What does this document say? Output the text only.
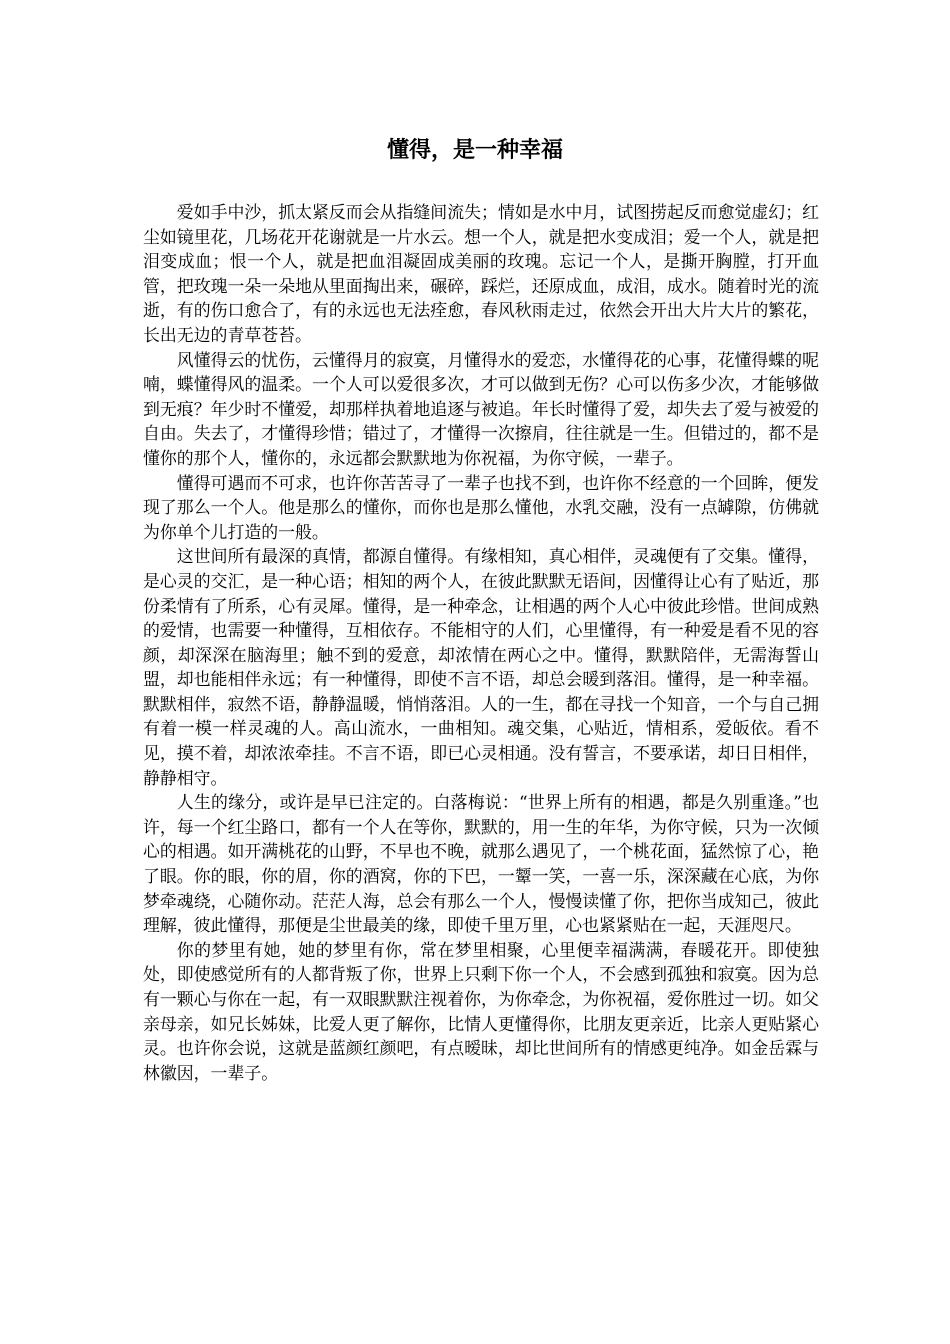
懂得，是一种幸福

爱如手中沙，抓太紧反而会从指缝间流失；情如是水中月，试图捞起反而愈觉虚幻；红尘如镜里花，几场花开花谢就是一片水云。想一个人，就是把水变成泪；爱一个人，就是把泪变成血；恨一个人，就是把血泪凝固成美丽的玫瑰。忘记一个人，是撕开胸膛，打开血管，把玫瑰一朵一朵地从里面掏出来，碾碎，踩烂，还原成血，成泪，成水。随着时光的流逝，有的伤口愈合了，有的永远也无法痊愈，春风秋雨走过，依然会开出大片大片的繁花，长出无边的青草苍苔。

风懂得云的忧伤，云懂得月的寂寞，月懂得水的爱恋，水懂得花的心事，花懂得蝶的呢喃，蝶懂得风的温柔。一个人可以爱很多次，才可以做到无伤？心可以伤多少次，才能够做到无痕？年少时不懂爱，却那样执着地追逐与被追。年长时懂得了爱，却失去了爱与被爱的自由。失去了，才懂得珍惜；错过了，才懂得一次擦肩，往往就是一生。但错过的，都不是懂你的那个人，懂你的，永远都会默默地为你祝福，为你守候，一辈子。

懂得可遇而不可求，也许你苦苦寻了一辈子也找不到，也许你不经意的一个回眸，便发现了那么一个人。他是那么的懂你，而你也是那么懂他，水乳交融，没有一点罅隙，仿佛就为你单个儿打造的一般。

这世间所有最深的真情，都源自懂得。有缘相知，真心相伴，灵魂便有了交集。懂得，是心灵的交汇，是一种心语；相知的两个人，在彼此默默无语间，因懂得让心有了贴近，那份柔情有了所系，心有灵犀。懂得，是一种牵念，让相遇的两个人心中彼此珍惜。世间成熟的爱情，也需要一种懂得，互相依存。不能相守的人们，心里懂得，有一种爱是看不见的容颜，却深深在脑海里；触不到的爱意，却浓情在两心之中。懂得，默默陪伴，无需海誓山盟，却也能相伴永远；有一种懂得，即使不言不语，却总会暖到落泪。懂得，是一种幸福。默默相伴，寂然不语，静静温暖，悄悄落泪。人的一生，都在寻找一个知音，一个与自己拥有着一模一样灵魂的人。高山流水，一曲相知。魂交集，心贴近，情相系，爱皈依。看不见，摸不着，却浓浓牵挂。不言不语，即已心灵相通。没有誓言，不要承诺，却日日相伴，静静相守。

人生的缘分，或许是早已注定的。白落梅说：“世界上所有的相遇，都是久别重逢。”也许，每一个红尘路口，都有一个人在等你，默默的，用一生的年华，为你守候，只为一次倾心的相遇。如开满桃花的山野，不早也不晚，就那么遇见了，一个桃花面，猛然惊了心，艳了眼。你的眼，你的眉，你的酒窝，你的下巴，一颦一笑，一喜一乐，深深藏在心底，为你梦牵魂绕，心随你动。茫茫人海，总会有那么一个人，慢慢读懂了你，把你当成知己，彼此理解，彼此懂得，那便是尘世最美的缘，即使千里万里，心也紧紧贴在一起，天涯咫尺。

你的梦里有她，她的梦里有你，常在梦里相聚，心里便幸福满满，春暖花开。即使独处，即使感觉所有的人都背叛了你，世界上只剩下你一个人，不会感到孤独和寂寞。因为总有一颗心与你在一起，有一双眼默默注视着你，为你牵念，为你祝福，爱你胜过一切。如父亲母亲，如兄长姊妹，比爱人更了解你，比情人更懂得你，比朋友更亲近，比亲人更贴紧心灵。也许你会说，这就是蓝颜红颜吧，有点暧昧，却比世间所有的情感更纯净。如金岳霖与林徽因，一辈子。
